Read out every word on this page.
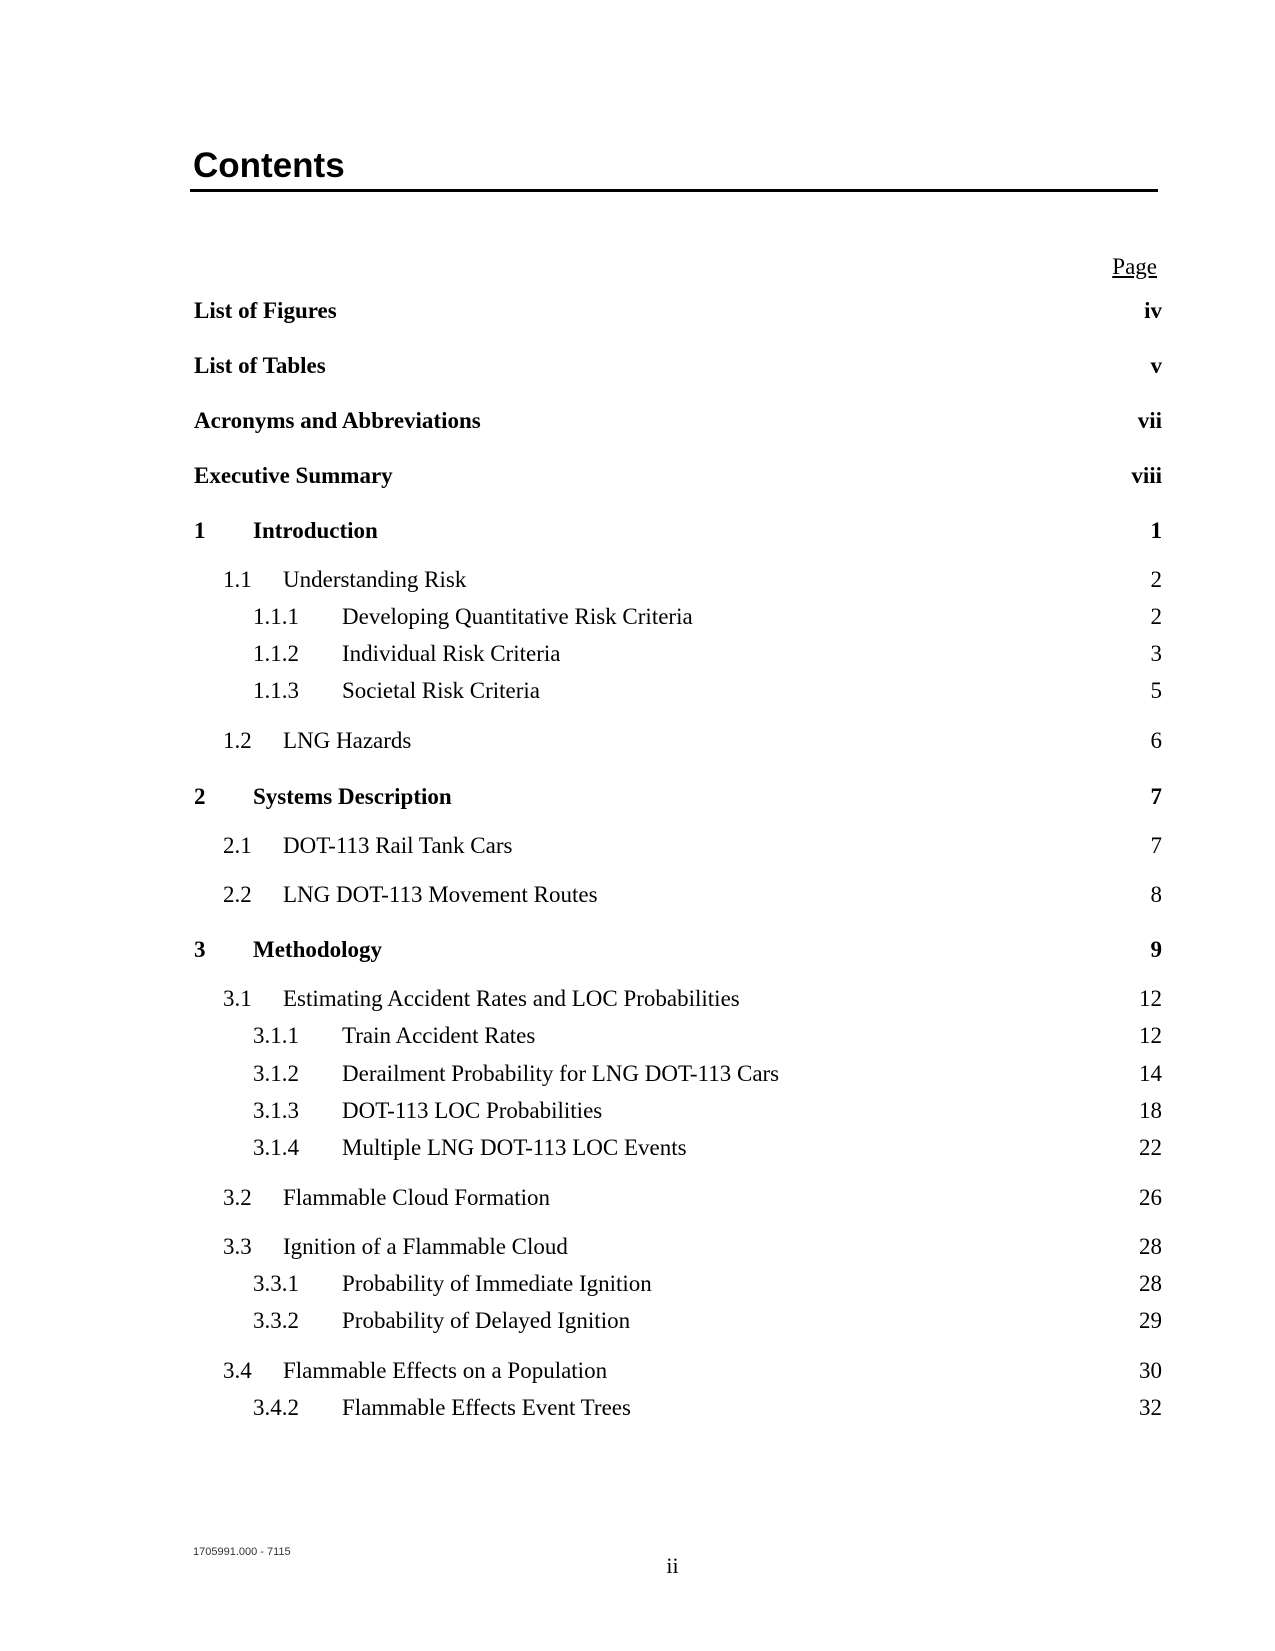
Contents
Page
List of Figures	iv
List of Tables	v
Acronyms and Abbreviations	vii
Executive Summary	viii
1 Introduction	1
1.1 Understanding Risk	2
1.1.1 Developing Quantitative Risk Criteria	2
1.1.2 Individual Risk Criteria	3
1.1.3 Societal Risk Criteria	5
1.2 LNG Hazards	6
2 Systems Description	7
2.1 DOT-113 Rail Tank Cars	7
2.2 LNG DOT-113 Movement Routes	8
3 Methodology	9
3.1 Estimating Accident Rates and LOC Probabilities	12
3.1.1 Train Accident Rates	12
3.1.2 Derailment Probability for LNG DOT-113 Cars	14
3.1.3 DOT-113 LOC Probabilities	18
3.1.4 Multiple LNG DOT-113 LOC Events	22
3.2 Flammable Cloud Formation	26
3.3 Ignition of a Flammable Cloud	28
3.3.1 Probability of Immediate Ignition	28
3.3.2 Probability of Delayed Ignition	29
3.4 Flammable Effects on a Population	30
3.4.2 Flammable Effects Event Trees	32
1705991.000 - 7115
ii
